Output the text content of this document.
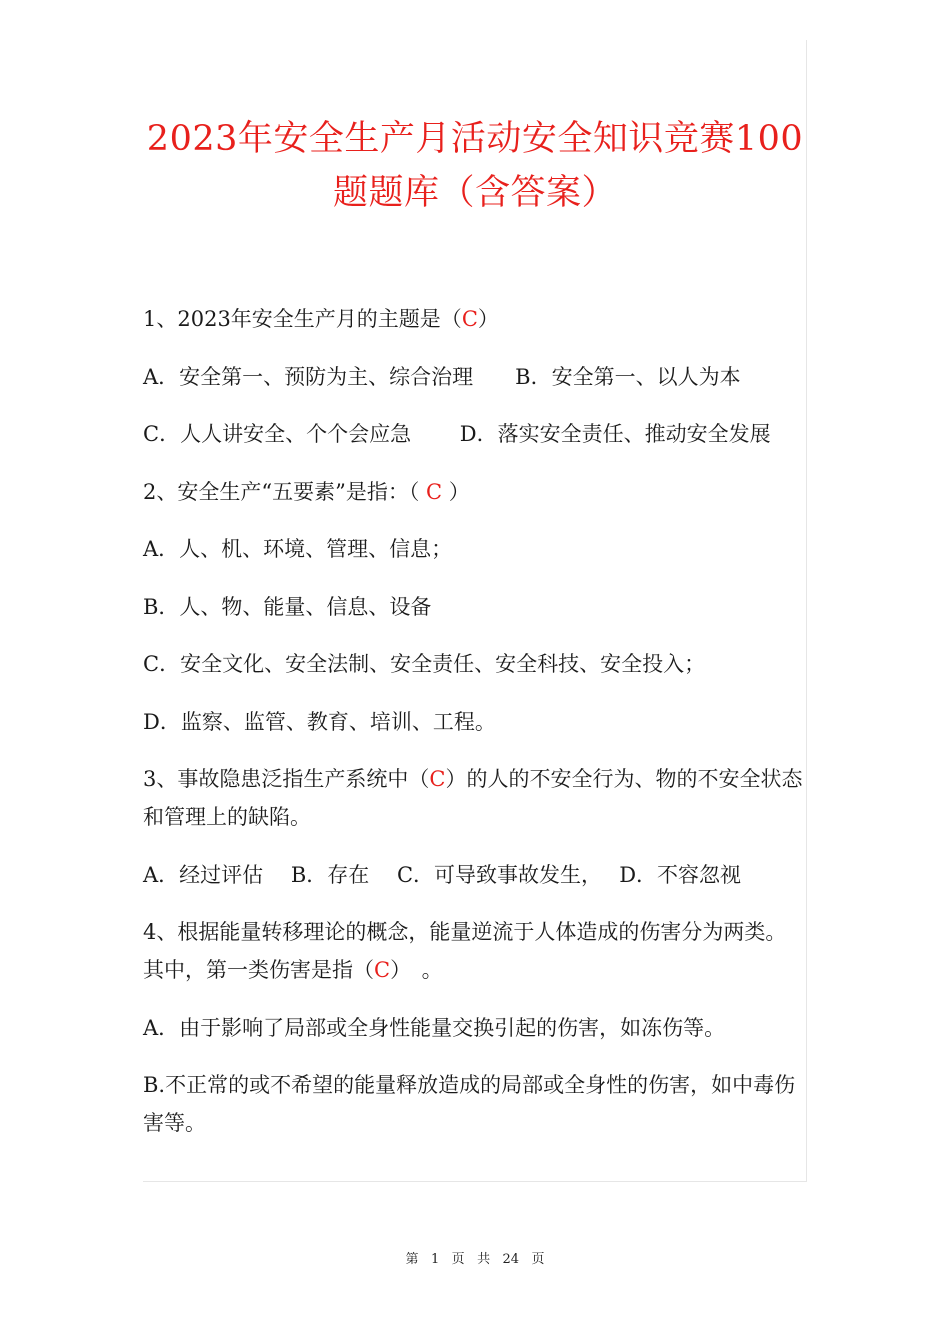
2023年安全生产月活动安全知识竞赛100
题题库（含答案）

1、2023年安全生产月的主题是（C）

A．安全第一、预防为主、综合治理　　B．安全第一、以人为本

C．人人讲安全、个个会应急　　 D．落实安全责任、推动安全发展

2、安全生产“五要素”是指：（ C ）

A．人、机、环境、管理、信息；

B．人、物、能量、信息、设备

C．安全文化、安全法制、安全责任、安全科技、安全投入；

D．监察、监管、教育、培训、工程。

3、事故隐患泛指生产系统中（C）的人的不安全行为、物的不安全状态和管理上的缺陷。

A．经过评估　 B．存在　 C．可导致事故发生，　 D．不容忽视

4、根据能量转移理论的概念，能量逆流于人体造成的伤害分为两类。其中，第一类伤害是指（C）　。

A．由于影响了局部或全身性能量交换引起的伤害，如冻伤等。

B.不正常的或不希望的能量释放造成的局部或全身性的伤害，如中毒伤害等。

第 1 页 共 24 页
